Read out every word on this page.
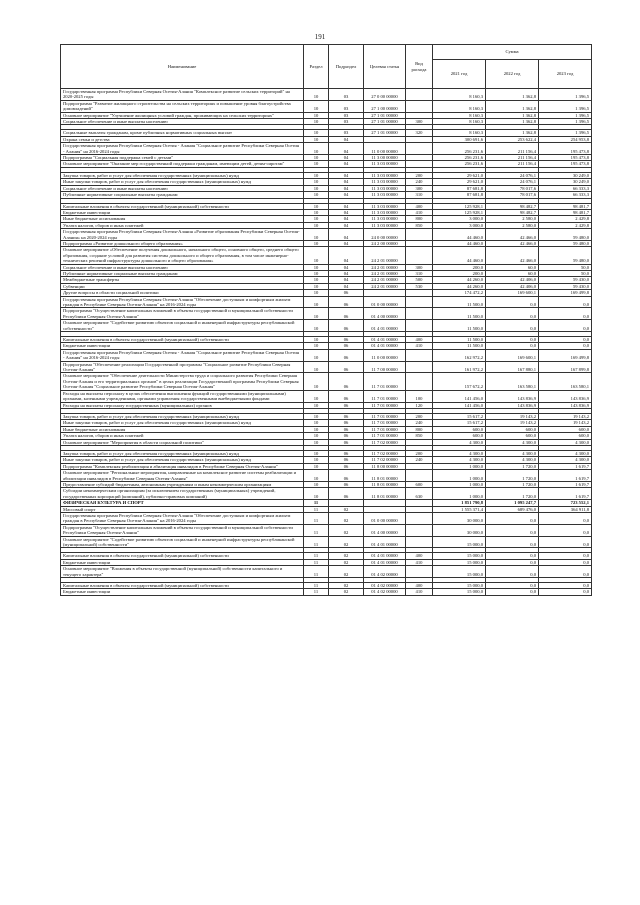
191
Наименование	Раздел	Подраздел	Целевая статья	Вид расхода	Сумма		
					2021 год	2022 год	2023 год
Государственная программа Республики Северная Осетия-Алания "Комплексное развитие сельских территорий" на 2020-2025 годы	10	03	27 0 00 00000		8 160,3	1 362,8	1 396,5
Подпрограмма "Развитие жилищного строительства на сельских территориях и повышение уровня благоустройства домовладений"	10	03	27 1 00 00000		8 160,3	1 362,8	1 396,5
Основное мероприятие "Улучшение жилищных условий граждан, проживающих на сельских территориях"	10	03	27 1 01 00000		8 160,3	1 362,8	1 396,5
Социальное обеспечение и иные выплаты населению	10	03	27 1 01 00000	300	8 160,3	1 362,8	1 396,5

Социальные выплаты гражданам, кроме публичных нормативных социальных выплат	10	03	27 1 01 00000	320	8 160,3	1 362,8	1 396,5
Охрана семьи и детства	10	04			300 691,6	253 622,4	254 953,8
Государственная программа Республики Северная Осетия - Алания "Социальное развитие Республики Северная Осетия - Алания" на 2016-2024 годы	10	04	11 0 00 00000		256 231,6	211 156,4	195 473,8
Подпрограмма "Социальная поддержка семей с детьми"	10	04	11 3 00 00000		256 231,6	211 156,4	195 473,8
Основное мероприятие "Оказание мер государственной поддержки гражданам, имеющим детей, детям-сиротам"	10	04	11 3 03 00000		256 231,6	211 156,4	195 473,8

Закупка товаров, работ и услуг для обеспечения государственных (муниципальных) нужд	10	04	11 3 03 00000	200	29 621,0	24 076,1	30 249,0
Иные закупки товаров, работ и услуг для обеспечения государственных (муниципальных) нужд	10	04	11 3 03 00000	240	29 621,0	24 076,1	30 249,0
Социальное обеспечение и иные выплаты населению	10	04	11 3 03 00000	300	87 681,8	78 017,6	66 333,3
Публичные нормативные социальные выплаты гражданам	10	04	11 3 03 00000	310	87 681,8	78 017,6	66 333,3

Капитальные вложения в объекты государственной (муниципальной) собственности	10	04	11 3 03 00000	400	125 928,1	98 482,7	98 481,7
Бюджетные инвестиции	10	04	11 3 03 00000	410	125 928,1	98 482,7	98 481,7
Иные бюджетные ассигнования	10	04	11 3 03 00000	800	3 000,0	2 580,0	2 429,8
Уплата налогов, сборов и иных платежей	10	04	11 3 03 00000	850	3 000,0	2 580,0	2 429,8
Государственная программа Республики Северная Осетия-Алания «Развитие образования Республики Северная Осетия-Алания» на 2020-2024 годы	10	04	24 0 00 00000		44 460,0	42 466,0	59 480,0
Подпрограмма «Развитие дошкольного общего образования»	10	04	24 2 00 00000		44 460,0	42 466,0	59 480,0
Основное мероприятие «Обеспечение получения дошкольного, начального общего, основного общего, среднего общего образования, создание условий для развития системы дошкольного и общего образования, в том числе инженерно-технических решений инфраструктуры дошкольного и общего образования»	10	04	24 2 01 00000		44 460,0	42 466,0	59 480,0
Социальное обеспечение и иные выплаты населению	10	04	24 2 01 00000	300	200,0	60,0	50,0
Публичные нормативные социальные выплаты гражданам	10	04	24 2 01 00000	310	200,0	60,0	50,0
Межбюджетные трансферты	10	04	24 2 01 00000	500	44 260,0	42 406,0	59 430,0
Субвенции	10	04	24 2 01 00000	530	44 260,0	42 406,0	59 430,0
Другие вопросы в области социальной политики	10	06			174 472,2	169 600,1	169 499,8
Государственная программа Республики Северная Осетия-Алания "Обеспечение доступным и комфортным жильем граждан в Республике Северная Осетия-Алания" на 2016-2024 годы	10	06	01 0 00 00000		11 500,0	0,0	0,0
Подпрограмма "Осуществление капитальных вложений в объекты государственной и муниципальной собственности Республики Северная Осетия-Алания"	10	06	01 4 00 00000		11 500,0	0,0	0,0
Основное мероприятие "Содействие развитию объектов социальной и инженерной инфраструктуры республиканской собственности"	10	06	01 4 01 00000		11 500,0	0,0	0,0

Капитальные вложения в объекты государственной (муниципальной) собственности	10	06	01 4 01 00000	400	11 500,0	0,0	0,0
Бюджетные инвестиции	10	06	01 4 01 00000	410	11 500,0	0,0	0,0
Государственная программа Республики Северная Осетия - Алания "Социальное развитие Республики Северная Осетия - Алания" на 2016-2024 годы	10	06	11 0 00 00000		162 972,2	169 600,1	169 499,8
Подпрограмма "Обеспечение реализации Государственной программы "Социальное развитие Республики Северная Осетия-Алания"	10	06	11 7 00 00000		161 972,2	167 880,1	167 899,8
Основное мероприятие "Обеспечение деятельности Министерства труда и социального развития Республики Северная Осетия-Алания и его территориальных органов" в целях реализации Государственной программы Республики Северная Осетия-Алания "Социальное развитие Республики Северная Осетия-Алания"	10	06	11 7 01 00000		157 672,2	163 580,1	163 580,1
Расходы на выплаты персоналу в целях обеспечения выполнения функций государственными (муниципальными) органами, казенными учреждениями, органами управления государственными внебюджетными фондами	10	06	11 7 01 00000	100	141 456,0	143 836,9	143 836,9
Расходы на выплаты персоналу государственных (муниципальных) органов	10	06	11 7 01 00000	120	141 456,0	143 836,9	143 836,9

Закупка товаров, работ и услуг для обеспечения государственных (муниципальных) нужд	10	06	11 7 01 00000	200	15 617,2	19 143,2	19 143,2
Иные закупки товаров, работ и услуг для обеспечения государственных (муниципальных) нужд	10	06	11 7 01 00000	240	15 617,2	19 143,2	19 143,2
Иные бюджетные ассигнования	10	06	11 7 01 00000	800	600,0	600,0	600,0
Уплата налогов, сборов и иных платежей	10	06	11 7 01 00000	850	600,0	600,0	600,0
Основное мероприятие "Мероприятия в области социальной политики"	10	06	11 7 02 00000		4 300,0	4 300,0	4 300,0

Закупка товаров, работ и услуг для обеспечения государственных (муниципальных) нужд	10	06	11 7 02 00000	200	4 300,0	4 300,0	4 300,0
Иные закупки товаров, работ и услуг для обеспечения государственных (муниципальных) нужд	10	06	11 7 02 00000	240	4 300,0	4 300,0	4 300,0
Подпрограмма "Комплексная реабилитация и абилитация инвалидов в Республике Северная Осетия-Алания"	10	06	11 8 00 00000		1 000,0	1 720,0	1 619,7
Основное мероприятие "Региональные мероприятия, направленные на комплексное развитие системы реабилитации и абилитации инвалидов в Республике Северная Осетия-Алания"	10	06	11 8 01 00000		1 000,0	1 720,0	1 619,7
Предоставление субсидий бюджетным, автономным учреждениям и иным некоммерческим организациям	10	06	11 8 01 00000	600	1 000,0	1 720,0	1 619,7
Субсидии некоммерческим организациям (за исключением государственных (муниципальных) учреждений, государственных корпораций (компаний), публично-правовых компаний)	10	06	11 8 01 00000	630	1 000,0	1 720,0	1 619,7
ФИЗИЧЕСКАЯ КУЛЬТУРА И СПОРТ	11				1 851 790,8	1 095 247,7	723 552,1
Массовый спорт	11	02			1 555 371,4	689 476,0	364 911,8
Государственная программа Республики Северная Осетия-Алания "Обеспечение доступным и комфортным жильем граждан в Республике Северная Осетия-Алания" на 2016-2024 годы	11	02	01 0 00 00000		30 000,0	0,0	0,0
Подпрограмма "Осуществление капитальных вложений в объекты государственной и муниципальной собственности Республики Северная Осетия-Алания"	11	02	01 4 00 00000		30 000,0	0,0	0,0
Основное мероприятие "Содействие развитию объектов социальной и инженерной инфраструктуры республиканской (муниципальной) собственности"	11	02	01 4 01 00000		15 000,0	0,0	0,0

Капитальные вложения в объекты государственной (муниципальной) собственности	11	02	01 4 01 00000	400	15 000,0	0,0	0,0
Бюджетные инвестиции	11	02	01 4 01 00000	410	15 000,0	0,0	0,0
Основное мероприятие "Вложения в объекты государственной (муниципальной) собственности капитального и текущего характера"	11	02	01 4 02 00000		15 000,0	0,0	0,0

Капитальные вложения в объекты государственной (муниципальной) собственности	11	02	01 4 02 00000	400	15 000,0	0,0	0,0
Бюджетные инвестиции	11	02	01 4 02 00000	410	15 000,0	0,0	0,0
